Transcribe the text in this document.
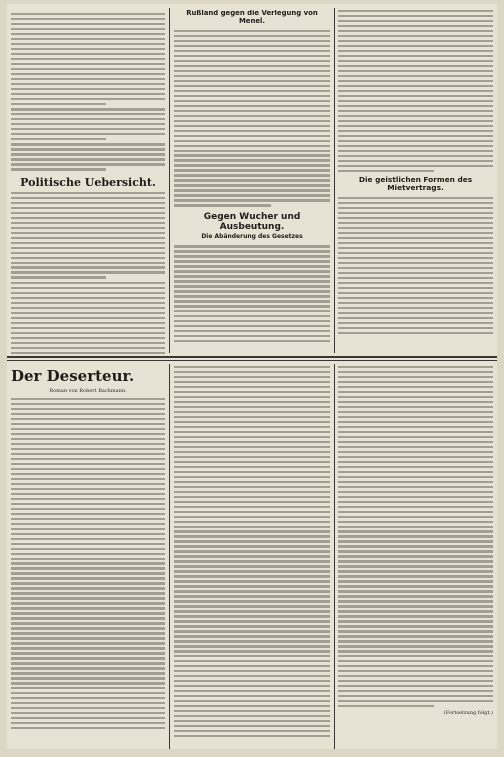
Politische Uebersicht.
Rußland gegen die Verlegung von Menel.
Gegen Wucher und Ausbeutung.
Die Abänderung des Gesetzes
Die geistlichen Formen des Mietvertrags.
Der Deserteur.
Roman von Robert Bachmann.
(Fortsetzung folgt.)
